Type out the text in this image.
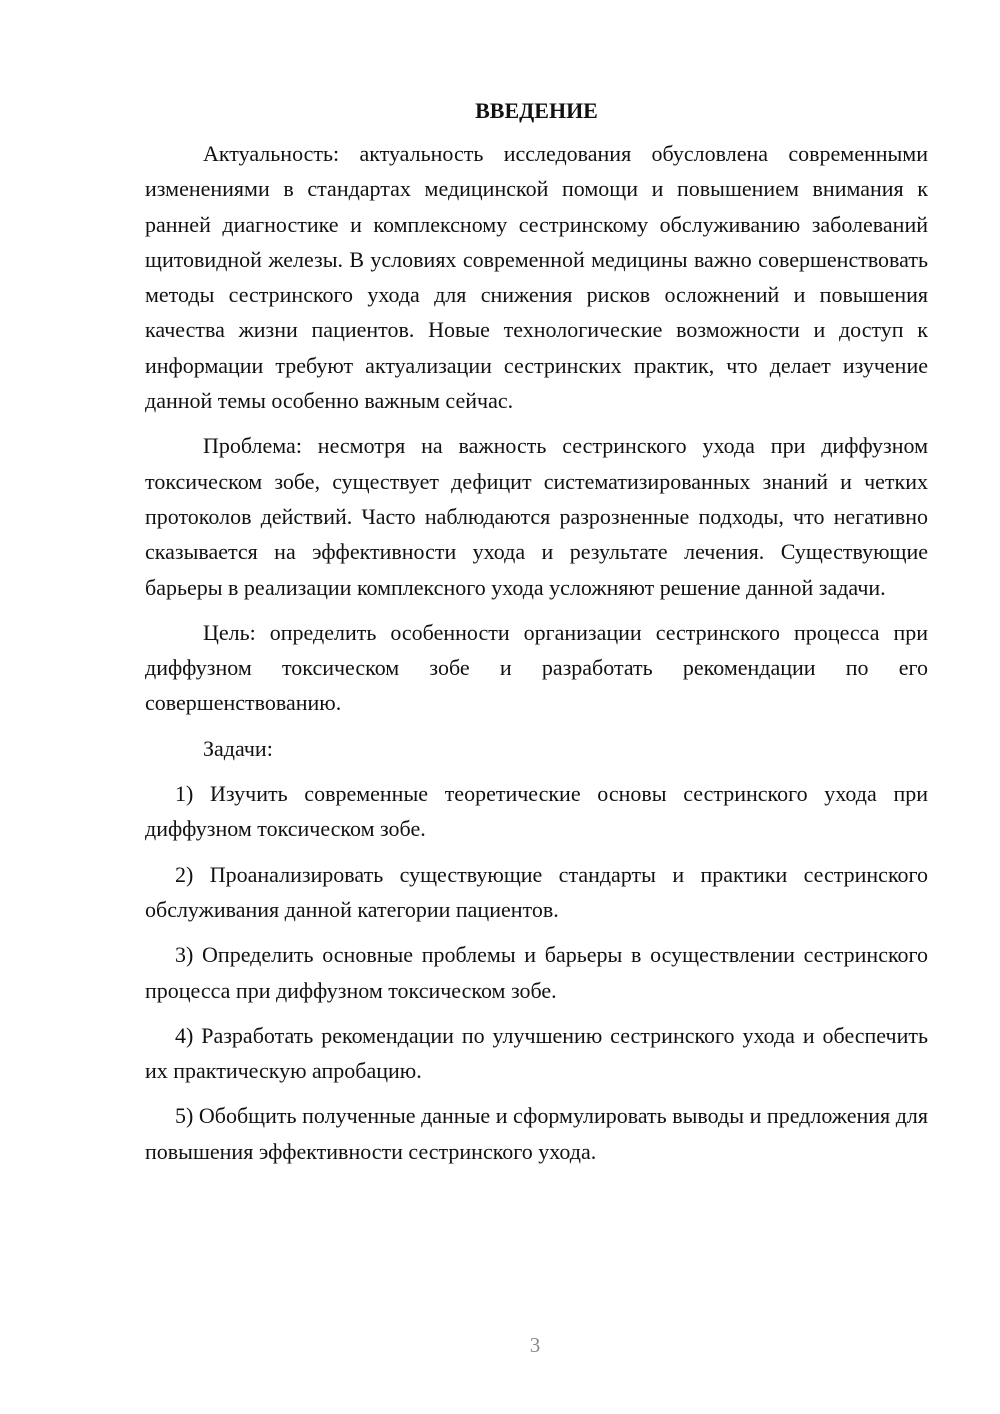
ВВЕДЕНИЕ

Актуальность: актуальность исследования обусловлена современными изменениями в стандартах медицинской помощи и повышением внимания к ранней диагностике и комплексному сестринскому обслуживанию заболеваний щитовидной железы. В условиях современной медицины важно совершенствовать методы сестринского ухода для снижения рисков осложнений и повышения качества жизни пациентов. Новые технологические возможности и доступ к информации требуют актуализации сестринских практик, что делает изучение данной темы особенно важным сейчас.

Проблема: несмотря на важность сестринского ухода при диффузном токсическом зобе, существует дефицит систематизированных знаний и четких протоколов действий. Часто наблюдаются разрозненные подходы, что негативно сказывается на эффективности ухода и результате лечения. Существующие барьеры в реализации комплексного ухода усложняют решение данной задачи.

Цель: определить особенности организации сестринского процесса при диффузном токсическом зобе и разработать рекомендации по его совершенствованию.

Задачи:

1) Изучить современные теоретические основы сестринского ухода при диффузном токсическом зобе.

2) Проанализировать существующие стандарты и практики сестринского обслуживания данной категории пациентов.

3) Определить основные проблемы и барьеры в осуществлении сестринского процесса при диффузном токсическом зобе.

4) Разработать рекомендации по улучшению сестринского ухода и обеспечить их практическую апробацию.

5) Обобщить полученные данные и сформулировать выводы и предложения для повышения эффективности сестринского ухода.

3
